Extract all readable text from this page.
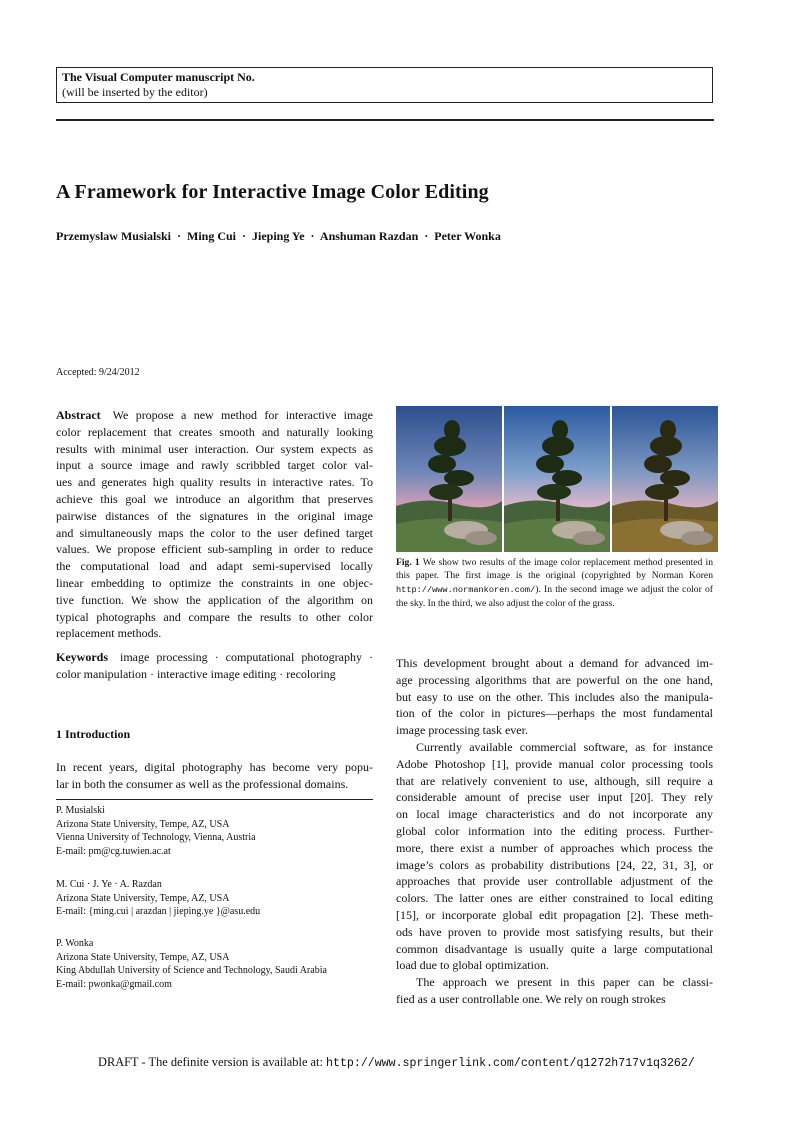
The Visual Computer manuscript No.
(will be inserted by the editor)
A Framework for Interactive Image Color Editing
Przemyslaw Musialski  ·  Ming Cui  ·  Jieping Ye  ·  Anshuman Razdan  ·  Peter Wonka
Accepted: 9/24/2012
Abstract  We propose a new method for interactive image
color replacement that creates smooth and naturally looking
results with minimal user interaction. Our system expects as
input a source image and rawly scribbled target color val-
ues and generates high quality results in interactive rates. To
achieve this goal we introduce an algorithm that preserves
pairwise distances of the signatures in the original image
and simultaneously maps the color to the user defined target
values. We propose efficient sub-sampling in order to reduce
the computational load and adapt semi-supervised locally
linear embedding to optimize the constraints in one objec-
tive function. We show the application of the algorithm on
typical photographs and compare the results to other color
replacement methods.
Keywords  image processing · computational photography ·
color manipulation · interactive image editing · recoloring
1 Introduction
In recent years, digital photography has become very popu-
lar in both the consumer as well as the professional domains.
P. Musialski
Arizona State University, Tempe, AZ, USA
Vienna University of Technology, Vienna, Austria
E-mail: pm@cg.tuwien.ac.at
M. Cui · J. Ye · A. Razdan
Arizona State University, Tempe, AZ, USA
E-mail: {ming.cui | arazdan | jieping.ye }@asu.edu
P. Wonka
Arizona State University, Tempe, AZ, USA
King Abdullah University of Science and Technology, Saudi Arabia
E-mail: pwonka@gmail.com
Fig. 1 We show two results of the image color replacement method presented in this paper. The first image is the original (copyrighted by Norman Koren http://www.normankoren.com/). In the second image we adjust the color of the sky. In the third, we also adjust the color of the grass.
This development brought about a demand for advanced im-
age processing algorithms that are powerful on the one hand,
but easy to use on the other. This includes also the manipula-
tion of the color in pictures—perhaps the most fundamental
image processing task ever.
Currently available commercial software, as for instance
Adobe Photoshop [1], provide manual color processing tools
that are relatively convenient to use, although, sill require a
considerable amount of precise user input [20]. They rely
on local image characteristics and do not incorporate any
global color information into the editing process. Further-
more, there exist a number of approaches which process the
image’s colors as probability distributions [24, 22, 31, 3], or
approaches that provide user controllable adjustment of the
colors. The latter ones are either constrained to local editing
[15], or incorporate global edit propagation [2]. These meth-
ods have proven to provide most satisfying results, but their
common disadvantage is usually quite a large computational
load due to global optimization.
The approach we present in this paper can be classi-
fied as a user controllable one. We rely on rough strokes
DRAFT - The definite version is available at: http://www.springerlink.com/content/q1272h717v1q3262/
